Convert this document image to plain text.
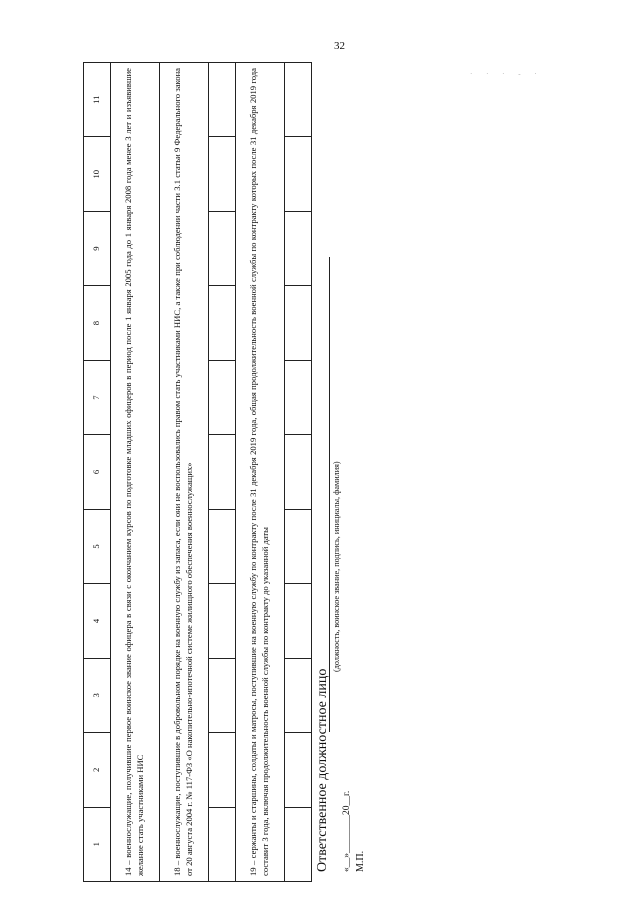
32
· · · - ·
1	2	3	4	5	6	7	8	9	10	11
14 – военнослужащие, получившие первое воинское звание офицера в связи с окончанием курсов по подготовке младших офицеров в период после 1 января 2005 года до 1 января 2008 года менее 3 лет и изъявившие желание стать участниками НИС										
18 – военнослужащие, поступившие в добровольном порядке на военную службу из запаса, если они не воспользовались правом стать участниками НИС, а также при соблюдении части 3.1 статьи 9 Федерального закона от 20 августа 2004 г. № 117-ФЗ «О накопительно-ипотечной системе жилищного обеспечения военнослужащих»										

19 – сержанты и старшины, солдаты и матросы, поступившие на военную службу по контракту после 31 декабря 2019 года, общая продолжительность военной службы по контракту которых после 31 декабря 2019 года составит 3 года, включая продолжительность военной службы по контракту до указанной даты										
											Ответственное должностное лицо
(должность, воинское звание, подпись, инициалы, фамилия)
«__»________20__г. М.П.
